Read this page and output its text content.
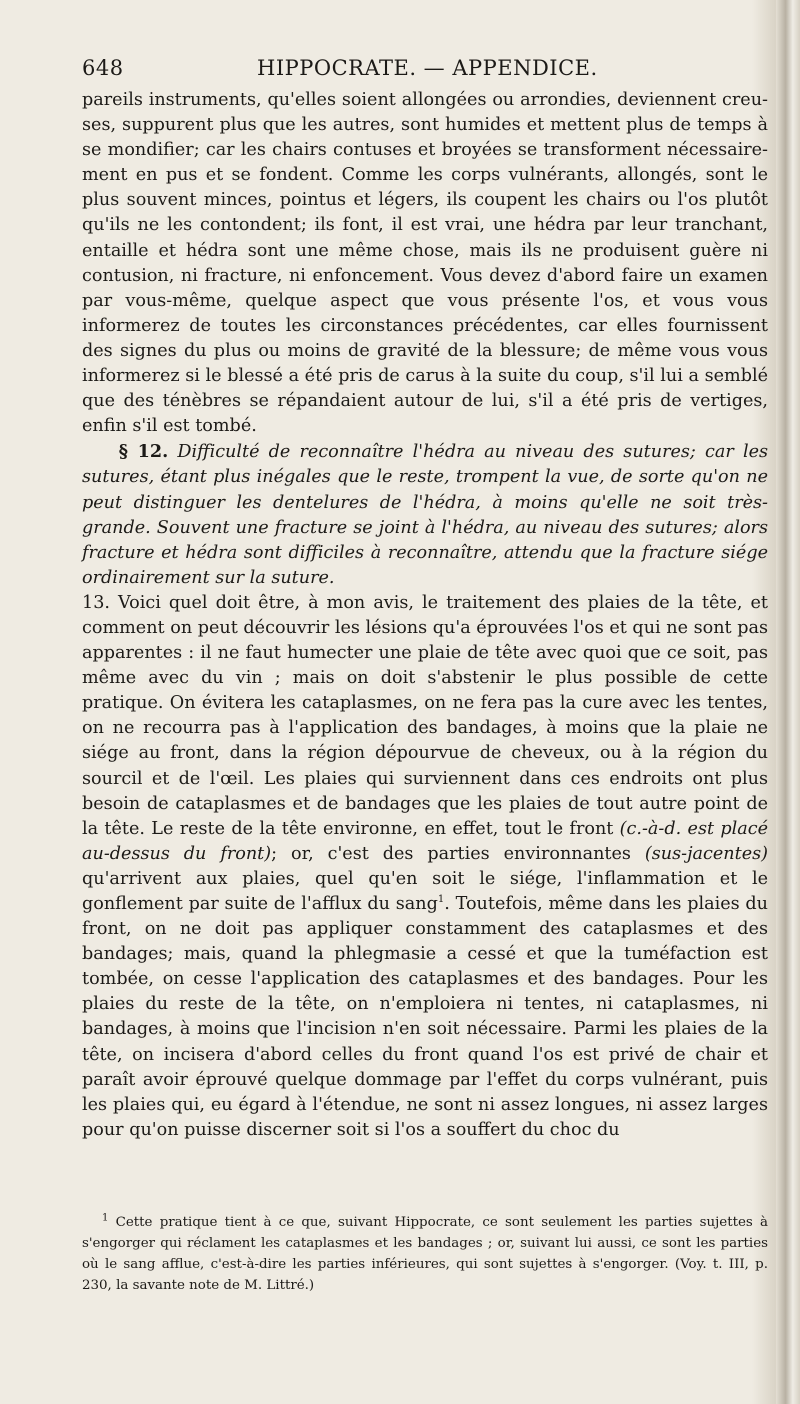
648	HIPPOCRATE. — APPENDICE.

pareils instruments, qu'elles soient allongées ou arrondies, deviennent creuses, suppurent plus que les autres, sont humides et mettent plus de temps à se mondifier; car les chairs contuses et broyées se transforment nécessairement en pus et se fondent. Comme les corps vulnérants, allongés, sont le plus souvent minces, pointus et légers, ils coupent les chairs ou l'os plutôt qu'ils ne les contondent; ils font, il est vrai, une hédra par leur tranchant, entaille et hédra sont une même chose, mais ils ne produisent guère ni contusion, ni fracture, ni enfoncement. Vous devez d'abord faire un examen par vous-même, quelque aspect que vous présente l'os, et vous vous informerez de toutes les circonstances précédentes, car elles fournissent des signes du plus ou moins de gravité de la blessure; de même vous vous informerez si le blessé a été pris de carus à la suite du coup, s'il lui a semblé que des ténèbres se répandaient autour de lui, s'il a été pris de vertiges, enfin s'il est tombé.

§ 12. Difficulté de reconnaître l'hédra au niveau des sutures; car les sutures, étant plus inégales que le reste, trompent la vue, de sorte qu'on ne peut distinguer les dentelures de l'hédra, à moins qu'elle ne soit très-grande. Souvent une fracture se joint à l'hédra, au niveau des sutures; alors fracture et hédra sont difficiles à reconnaître, attendu que la fracture siége ordinairement sur la suture.

13. Voici quel doit être, à mon avis, le traitement des plaies de la tête, et comment on peut découvrir les lésions qu'a éprouvées l'os et qui ne sont pas apparentes : il ne faut humecter une plaie de tête avec quoi que ce soit, pas même avec du vin ; mais on doit s'abstenir le plus possible de cette pratique. On évitera les cataplasmes, on ne fera pas la cure avec les tentes, on ne recourra pas à l'application des bandages, à moins que la plaie ne siége au front, dans la région dépourvue de cheveux, ou à la région du sourcil et de l'œil. Les plaies qui surviennent dans ces endroits ont plus besoin de cataplasmes et de bandages que les plaies de tout autre point de la tête. Le reste de la tête environne, en effet, tout le front (c.-à-d. est placé au-dessus du front); or, c'est des parties environnantes (sus-jacentes) qu'arrivent aux plaies, quel qu'en soit le siége, l'inflammation et le gonflement par suite de l'afflux du sang$^1$. Toutefois, même dans les plaies du front, on ne doit pas appliquer constamment des cataplasmes et des bandages; mais, quand la phlegmasie a cessé et que la tuméfaction est tombée, on cesse l'application des cataplasmes et des bandages. Pour les plaies du reste de la tête, on n'emploiera ni tentes, ni cataplasmes, ni bandages, à moins que l'incision n'en soit nécessaire. Parmi les plaies de la tête, on incisera d'abord celles du front quand l'os est privé de chair et paraît avoir éprouvé quelque dommage par l'effet du corps vulnérant, puis les plaies qui, eu égard à l'étendue, ne sont ni assez longues, ni assez larges pour qu'on puisse discerner soit si l'os a souffert du choc du

$^1$ Cette pratique tient à ce que, suivant Hippocrate, ce sont seulement les parties sujettes à s'engorger qui réclament les cataplasmes et les bandages ; or, suivant lui aussi, ce sont les parties où le sang afflue, c'est-à-dire les parties inférieures, qui sont sujettes à s'engorger. (Voy. t. III, p. 230, la savante note de M. Littré.)
